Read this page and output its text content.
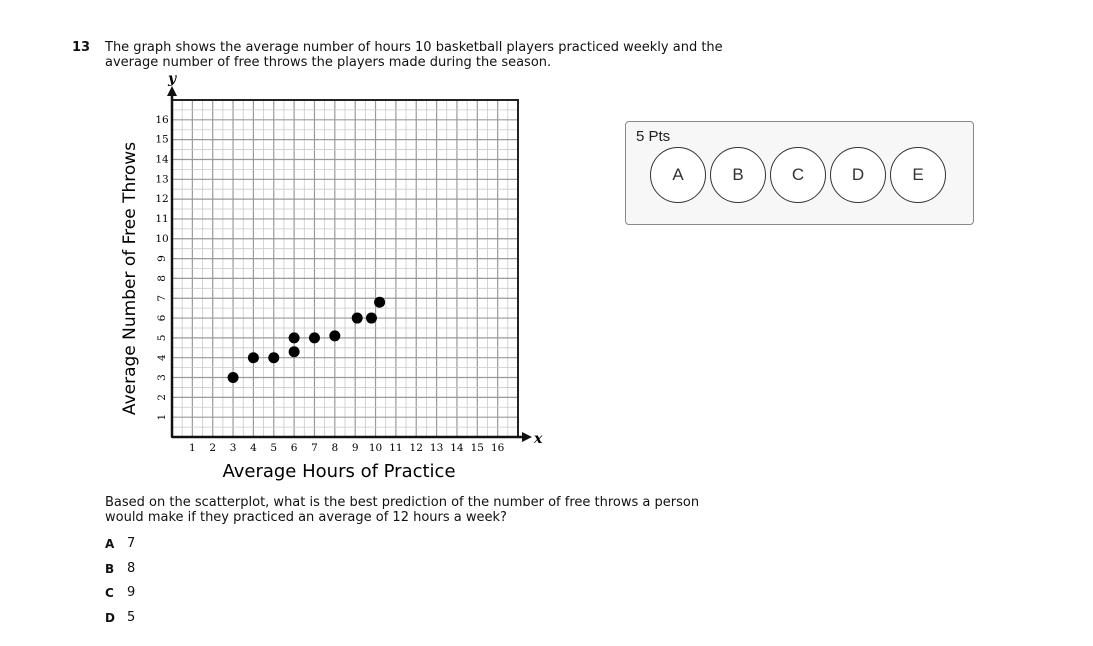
13 The graph shows the average number of hours 10 basketball players practiced weekly and the
average number of free throws the players made during the season.
x
y
1 2 3 4 5 6 7 8 9 10 11 12 13 14 15 16
1
2
3
4
5
6
7
8
9
10
11
12
13
14
15
16
Average Hours of Practice
Average Number of Free Throws
Based on the scatterplot, what is the best prediction of the number of free throws a person
would make if they practiced an average of 12 hours a week?
A 7
B 8
C	9
D 5
5 Pts
A	B	C	D	E
